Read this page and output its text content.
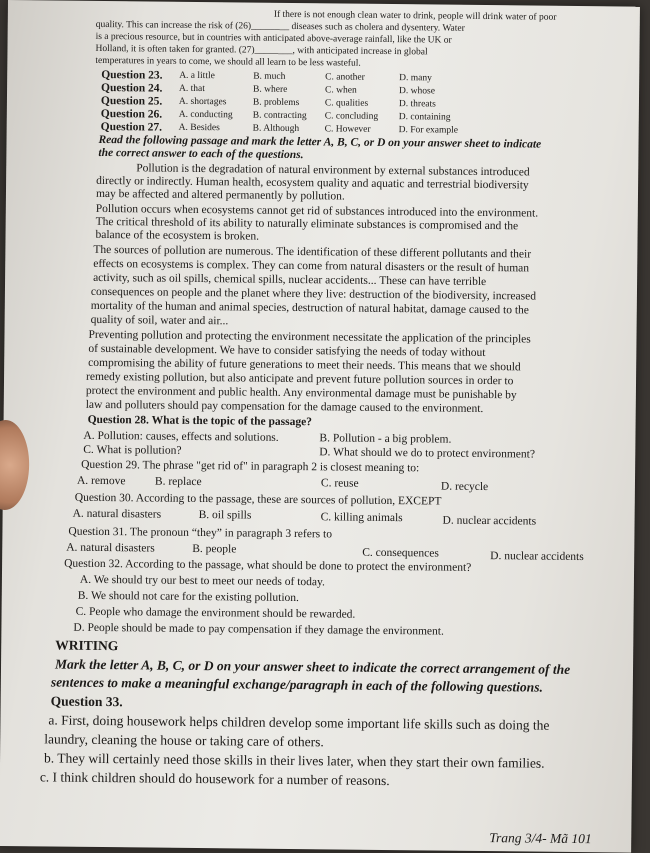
If there is not enough clean water to drink, people will drink water of poor
quality. This can increase the risk of (26)________ diseases such as cholera and dysentery. Water
is a precious resource, but in countries with anticipated above-average rainfall, like the UK or
Holland, it is often taken for granted. (27)________, with anticipated increase in global
temperatures in years to come, we should all learn to be less wasteful.
Question 23. A. a little	B. much	C. another	D. many
Question 24. A. that	B. where	C. when	D. whose
Question 25. A. shortages	B. problems	C. qualities	D. threats
Question 26. A. conducting B. contracting C. concluding D. containing
Question 27. A. Besides	B. Although	C. However	D. For example
Read the following passage and mark the letter A, B, C, or D on your answer sheet to indicate
the correct answer to each of the questions.
Pollution is the degradation of natural environment by external substances introduced
directly or indirectly. Human health, ecosystem quality and aquatic and terrestrial biodiversity
may be affected and altered permanently by pollution.
Pollution occurs when ecosystems cannot get rid of substances introduced into the environment.
The critical threshold of its ability to naturally eliminate substances is compromised and the
balance of the ecosystem is broken.
The sources of pollution are numerous. The identification of these different pollutants and their
effects on ecosystems is complex. They can come from natural disasters or the result of human
activity, such as oil spills, chemical spills, nuclear accidents... These can have terrible
consequences on people and the planet where they live: destruction of the biodiversity, increased
mortality of the human and animal species, destruction of natural habitat, damage caused to the
quality of soil, water and air...
Preventing pollution and protecting the environment necessitate the application of the principles
of sustainable development. We have to consider satisfying the needs of today without
compromising the ability of future generations to meet their needs. This means that we should
remedy existing pollution, but also anticipate and prevent future pollution sources in order to
protect the environment and public health. Any environmental damage must be punishable by
law and polluters should pay compensation for the damage caused to the environment.
Question 28. What is the topic of the passage?
A. Pollution: causes, effects and solutions.	B. Pollution - a big problem.
C. What is pollution?	D. What should we do to protect environment?
Question 29. The phrase "get rid of" in paragraph 2 is closest meaning to:
A. remove	B. replace	C. reuse	D. recycle
Question 30. According to the passage, these are sources of pollution, EXCEPT
A. natural disasters	B. oil spills	C. killing animals	D. nuclear accidents
Question 31. The pronoun “they” in paragraph 3 refers to
A. natural disasters	B. people	C. consequences	D. nuclear accidents
Question 32. According to the passage, what should be done to protect the environment?
A. We should try our best to meet our needs of today.
B. We should not care for the existing pollution.
C. People who damage the environment should be rewarded.
D. People should be made to pay compensation if they damage the environment.
WRITING
Mark the letter A, B, C, or D on your answer sheet to indicate the correct arrangement of the
sentences to make a meaningful exchange/paragraph in each of the following questions.
Question 33.
a. First, doing housework helps children develop some important life skills such as doing the
laundry, cleaning the house or taking care of others.
b. They will certainly need those skills in their lives later, when they start their own families.
c. I think children should do housework for a number of reasons.
Trang 3/4- Mã 101
